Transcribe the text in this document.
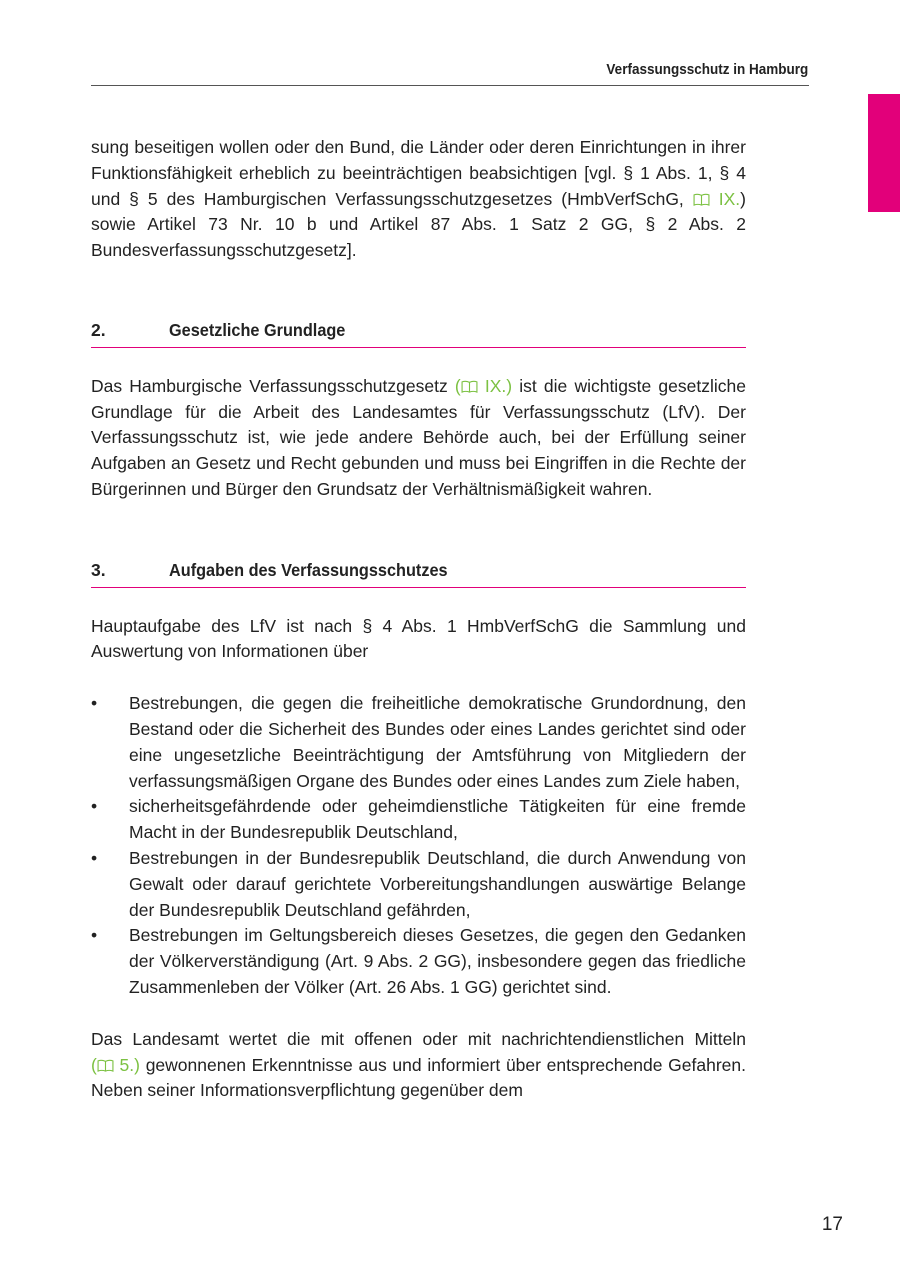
Verfassungsschutz in Hamburg

sung beseitigen wollen oder den Bund, die Länder oder deren Einrichtungen in ihrer Funktionsfähigkeit erheblich zu beeinträchtigen beabsichtigen [vgl. § 1 Abs. 1, § 4 und § 5 des Hamburgischen Verfassungsschutzgesetzes (HmbVerfSchG,  IX.) sowie Artikel 73 Nr. 10 b und Artikel 87 Abs. 1 Satz 2 GG, § 2 Abs. 2 Bundesverfassungsschutzgesetz].

2.	Gesetzliche Grundlage

Das Hamburgische Verfassungsschutzgesetz ( IX.) ist die wichtigste gesetzliche Grundlage für die Arbeit des Landesamtes für Verfassungsschutz (LfV). Der Verfassungsschutz ist, wie jede andere Behörde auch, bei der Erfüllung seiner Aufgaben an Gesetz und Recht gebunden und muss bei Eingriffen in die Rechte der Bürgerinnen und Bürger den Grundsatz der Verhältnismäßigkeit wahren.

3.	Aufgaben des Verfassungsschutzes

Hauptaufgabe des LfV ist nach § 4 Abs. 1 HmbVerfSchG die Sammlung und Auswertung von Informationen über

• Bestrebungen, die gegen die freiheitliche demokratische Grundordnung, den Bestand oder die Sicherheit des Bundes oder eines Landes gerichtet sind oder eine ungesetzliche Beeinträchtigung der Amtsführung von Mitgliedern der verfassungsmäßigen Organe des Bundes oder eines Landes zum Ziele haben,
• sicherheitsgefährdende oder geheimdienstliche Tätigkeiten für eine fremde Macht in der Bundesrepublik Deutschland,
• Bestrebungen in der Bundesrepublik Deutschland, die durch Anwendung von Gewalt oder darauf gerichtete Vorbereitungshandlungen auswärtige Belange der Bundesrepublik Deutschland gefährden,
• Bestrebungen im Geltungsbereich dieses Gesetzes, die gegen den Gedanken der Völkerverständigung (Art. 9 Abs. 2 GG), insbesondere gegen das friedliche Zusammenleben der Völker (Art. 26 Abs. 1 GG) gerichtet sind.

Das Landesamt wertet die mit offenen oder mit nachrichtendienstlichen Mitteln ( 5.) gewonnenen Erkenntnisse aus und informiert über entsprechende Gefahren. Neben seiner Informationsverpflichtung gegenüber dem

17
